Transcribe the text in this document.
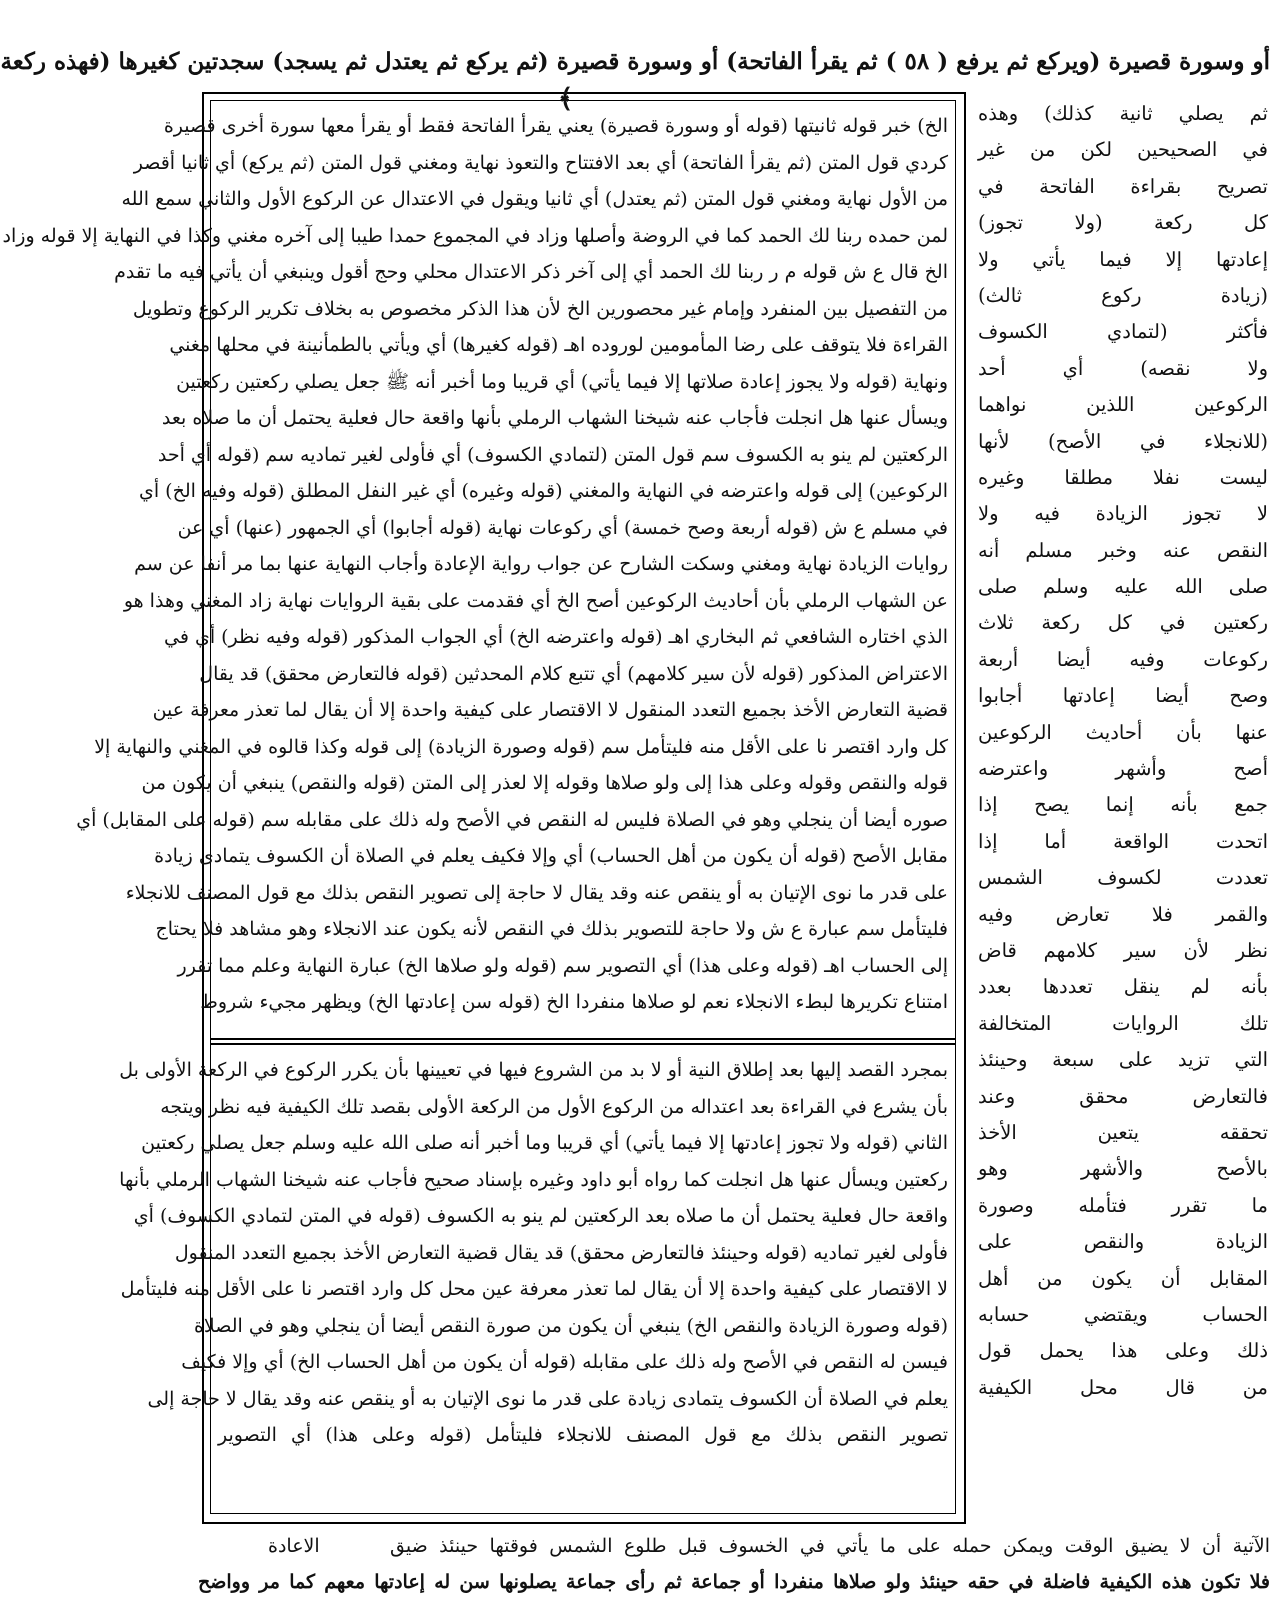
أو وسورة قصيرة (ويركع ثم يرفع ( ٥٨ ) ثم يقرأ الفاتحة) أو وسورة قصيرة (ثم يركع ثم يعتدل ثم يسجد) سجدتين كغيرها (فهذه ركعة
﴾	ثم يصلي ثانية كذلك) وهذه
في الصحيحين لكن من غير
تصريح بقراءة الفاتحة في
كل ركعة (ولا تجوز)
إعادتها إلا فيما يأتي ولا
(زيادة ركوع ثالث)
فأكثر (لتمادي الكسوف
ولا نقصه) أي أحد
الركوعين اللذين نواهما
(للانجلاء في الأصح) لأنها
ليست نفلا مطلقا وغيره
لا تجوز الزيادة فيه ولا
النقص عنه وخبر مسلم أنه
صلى الله عليه وسلم صلى
ركعتين في كل ركعة ثلاث
ركوعات وفيه أيضا أربعة
وصح أيضا إعادتها أجابوا
عنها بأن أحاديث الركوعين
أصح وأشهر واعترضه
جمع بأنه إنما يصح إذا
اتحدت الواقعة أما إذا
تعددت لكسوف الشمس
والقمر فلا تعارض وفيه
نظر لأن سير كلامهم قاض
بأنه لم ينقل تعددها بعدد
تلك الروايات المتخالفة
التي تزيد على سبعة وحينئذ
فالتعارض محقق وعند
تحققه يتعين الأخذ
بالأصح والأشهر وهو
ما تقرر فتأمله وصورة
الزيادة والنقص على
المقابل أن يكون من أهل
الحساب ويقتضي حسابه
ذلك وعلى هذا يحمل قول
من قال محل الكيفية
الخ) خبر قوله ثانيتها (قوله أو وسورة قصيرة) يعني يقرأ الفاتحة فقط أو يقرأ معها سورة أخرى قصيرة
كردي قول المتن (ثم يقرأ الفاتحة) أي بعد الافتتاح والتعوذ نهاية ومغني قول المتن (ثم يركع) أي ثانيا أقصر
من الأول نهاية ومغني قول المتن (ثم يعتدل) أي ثانيا ويقول في الاعتدال عن الركوع الأول والثاني سمع الله
لمن حمده ربنا لك الحمد كما في الروضة وأصلها وزاد في المجموع حمدا طيبا إلى آخره مغني وكذا في النهاية إلا قوله وزاد
الخ قال ع ش قوله م ر ربنا لك الحمد أي إلى آخر ذكر الاعتدال محلي وحج أقول وينبغي أن يأتي فيه ما تقدم
من التفصيل بين المنفرد وإمام غير محصورين الخ لأن هذا الذكر مخصوص به بخلاف تكرير الركوع وتطويل
القراءة فلا يتوقف على رضا المأمومين لوروده اهـ (قوله كغيرها) أي ويأتي بالطمأنينة في محلها مغني
ونهاية (قوله ولا يجوز إعادة صلاتها إلا فيما يأتي) أي قريبا وما أخبر أنه ﷺ جعل يصلي ركعتين ركعتين
ويسأل عنها هل انجلت فأجاب عنه شيخنا الشهاب الرملي بأنها واقعة حال فعلية يحتمل أن ما صلاه بعد
الركعتين لم ينو به الكسوف سم قول المتن (لتمادي الكسوف) أي فأولى لغير تماديه سم (قوله أي أحد
الركوعين) إلى قوله واعترضه في النهاية والمغني (قوله وغيره) أي غير النفل المطلق (قوله وفيه الخ) أي
في مسلم ع ش (قوله أربعة وصح خمسة) أي ركوعات نهاية (قوله أجابوا) أي الجمهور (عنها) أي عن
روايات الزيادة نهاية ومغني وسكت الشارح عن جواب رواية الإعادة وأجاب النهاية عنها بما مر أنفا عن سم
عن الشهاب الرملي بأن أحاديث الركوعين أصح الخ أي فقدمت على بقية الروايات نهاية زاد المغني وهذا هو
الذي اختاره الشافعي ثم البخاري اهـ (قوله واعترضه الخ) أي الجواب المذكور (قوله وفيه نظر) أي في
الاعتراض المذكور (قوله لأن سير كلامهم) أي تتبع كلام المحدثين (قوله فالتعارض محقق) قد يقال
قضية التعارض الأخذ بجميع التعدد المنقول لا الاقتصار على كيفية واحدة إلا أن يقال لما تعذر معرفة عين
كل وارد اقتصر نا على الأقل منه فليتأمل سم (قوله وصورة الزيادة) إلى قوله وكذا قالوه في المغني والنهاية إلا
قوله والنقص وقوله وعلى هذا إلى ولو صلاها وقوله إلا لعذر إلى المتن (قوله والنقص) ينبغي أن يكون من
صوره أيضا أن ينجلي وهو في الصلاة فليس له النقص في الأصح وله ذلك على مقابله سم (قوله على المقابل) أي
مقابل الأصح (قوله أن يكون من أهل الحساب) أي وإلا فكيف يعلم في الصلاة أن الكسوف يتمادى زيادة
على قدر ما نوى الإتيان به أو ينقص عنه وقد يقال لا حاجة إلى تصوير النقص بذلك مع قول المصنف للانجلاء
فليتأمل سم عبارة ع ش ولا حاجة للتصوير بذلك في النقص لأنه يكون عند الانجلاء وهو مشاهد فلا يحتاج
إلى الحساب اهـ (قوله وعلى هذا) أي التصوير سم (قوله ولو صلاها الخ) عبارة النهاية وعلم مما تقرر
امتناع تكريرها لبطء الانجلاء نعم لو صلاها منفردا الخ (قوله سن إعادتها الخ) ويظهر مجيء شروط
بمجرد القصد إليها بعد إطلاق النية أو لا بد من الشروع فيها في تعيينها بأن يكرر الركوع في الركعة الأولى بل
بأن يشرع في القراءة بعد اعتداله من الركوع الأول من الركعة الأولى بقصد تلك الكيفية فيه نظر ويتجه
الثاني (قوله ولا تجوز إعادتها إلا فيما يأتي) أي قريبا وما أخبر أنه صلى الله عليه وسلم جعل يصلي ركعتين
ركعتين ويسأل عنها هل انجلت كما رواه أبو داود وغيره بإسناد صحيح فأجاب عنه شيخنا الشهاب الرملي بأنها
واقعة حال فعلية يحتمل أن ما صلاه بعد الركعتين لم ينو به الكسوف (قوله في المتن لتمادي الكسوف) أي
فأولى لغير تماديه (قوله وحينئذ فالتعارض محقق) قد يقال قضية التعارض الأخذ بجميع التعدد المنقول
لا الاقتصار على كيفية واحدة إلا أن يقال لما تعذر معرفة عين محل كل وارد اقتصر نا على الأقل منه فليتأمل
(قوله وصورة الزيادة والنقص الخ) ينبغي أن يكون من صورة النقص أيضا أن ينجلي وهو في الصلاة
فيسن له النقص في الأصح وله ذلك على مقابله (قوله أن يكون من أهل الحساب الخ) أي وإلا فكيف
يعلم في الصلاة أن الكسوف يتمادى زيادة على قدر ما نوى الإتيان به أو ينقص عنه وقد يقال لا حاجة إلى
تصوير النقص بذلك مع قول المصنف للانجلاء فليتأمل (قوله وعلى هذا) أي التصوير
الآتية أن لا يضيق الوقت ويمكن حمله على ما يأتي في الخسوف قبل طلوع الشمس فوقتها حينئذ ضيق
فلا تكون هذه الكيفية فاضلة في حقه حينئذ ولو صلاها منفردا أو جماعة ثم رأى جماعة يصلونها سن له إعادتها معهم كما مر وواضح
الاعادة
